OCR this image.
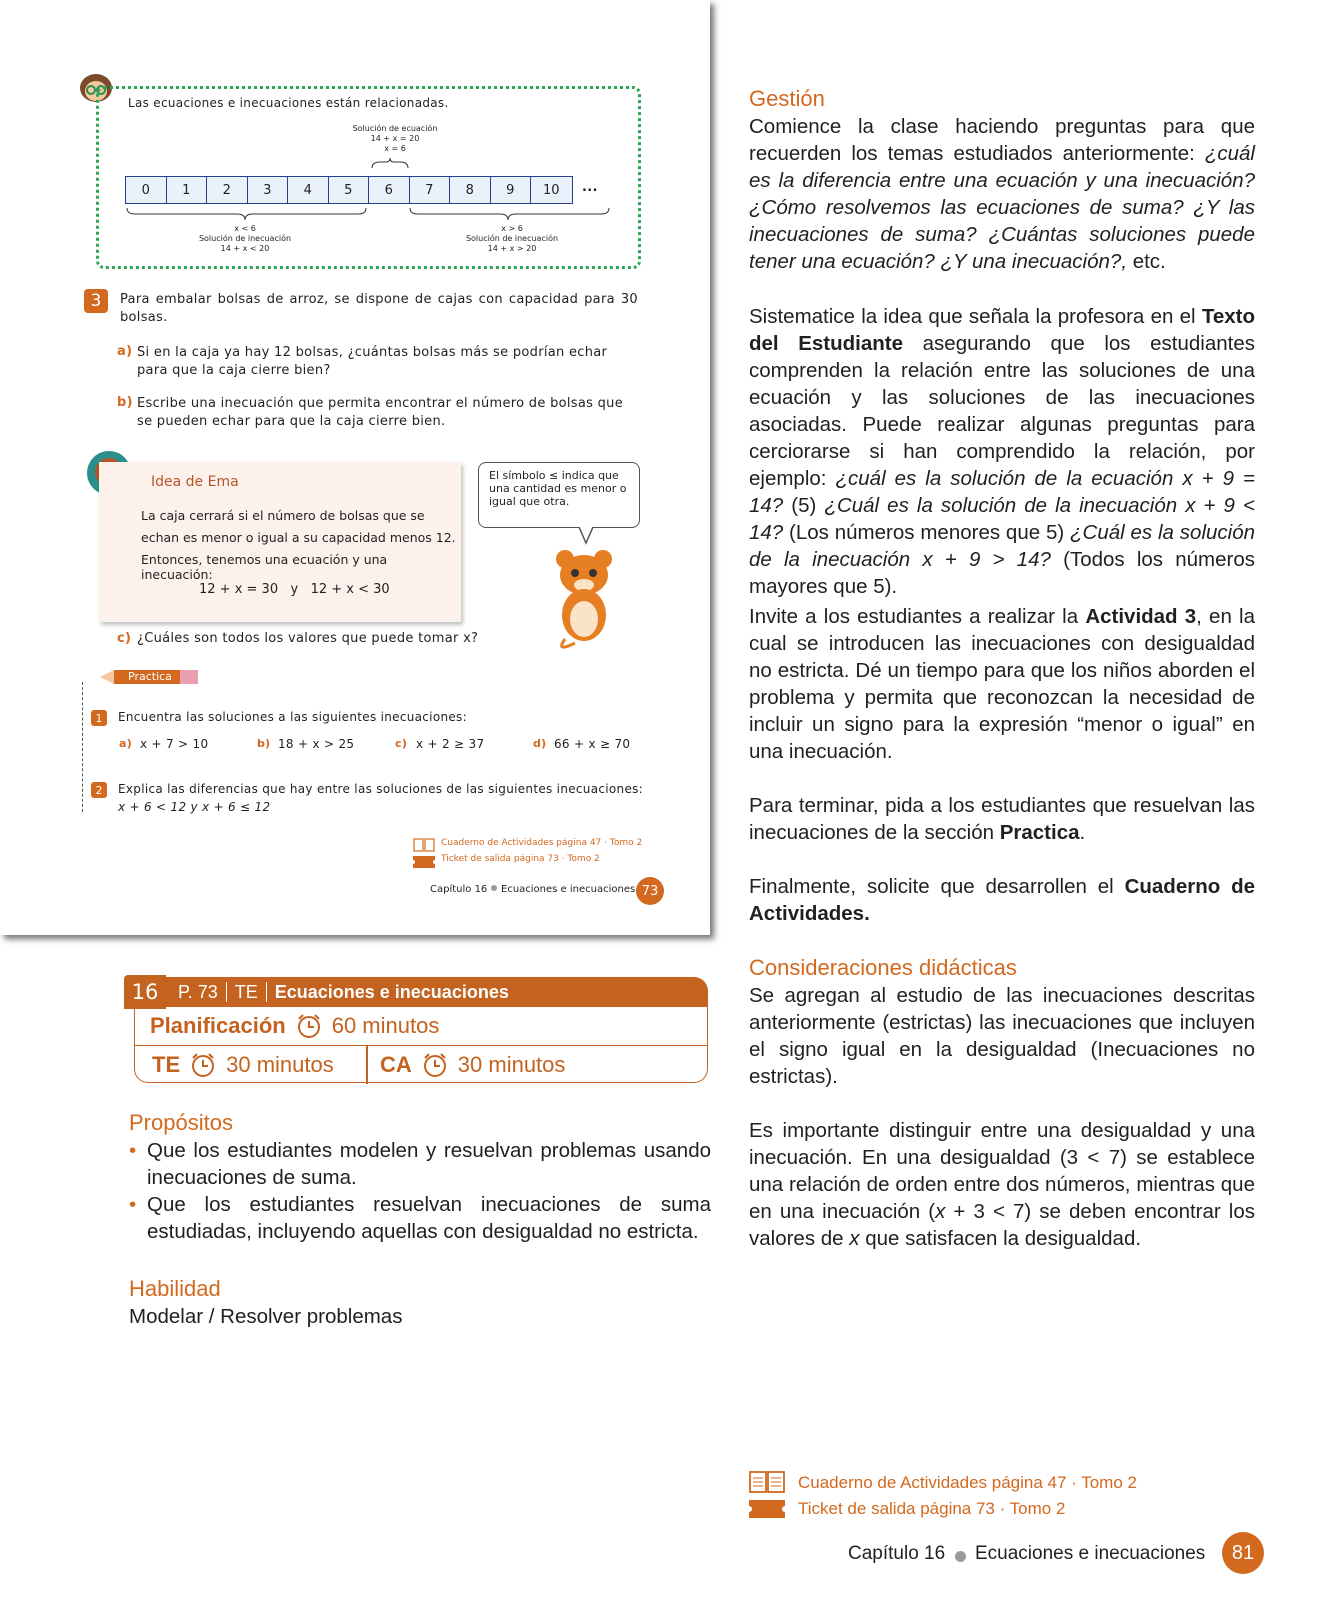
Las ecuaciones e inecuaciones están relacionadas.
Solución de ecuación
14 + x = 20
x = 6
0	1	2	3	4	5	6	7	8	9	10	...
x < 6
Solución de inecuación
14 + x < 20
x > 6
Solución de inecuación
14 + x > 20
3	Para embalar bolsas de arroz, se dispone de cajas con capacidad para 30 bolsas.
a) Si en la caja ya hay 12 bolsas, ¿cuántas bolsas más se podrían echar para que la caja cierre bien?
b) Escribe una inecuación que permita encontrar el número de bolsas que se pueden echar para que la caja cierre bien.
Idea de Ema
La caja cerrará si el número de bolsas que se
echan es menor o igual a su capacidad menos 12.
Entonces, tenemos una ecuación y una inecuación:
12 + x = 30   y   12 + x < 30
El símbolo ≤ indica que una cantidad es menor o igual que otra.
c) ¿Cuáles son todos los valores que puede tomar x?
Practica
1	Encuentra las soluciones a las siguientes inecuaciones:
a) x + 7 > 10	b) 18 + x > 25	c) x + 2 ≥ 37	d) 66 + x ≥ 70
2	Explica las diferencias que hay entre las soluciones de las siguientes inecuaciones:
x + 6 < 12 y x + 6 ≤ 12
Cuaderno de Actividades página 47 · Tomo 2
Ticket de salida página 73 · Tomo 2
Capítulo 16 Ecuaciones e inecuaciones 73
16	P. 73 TE Ecuaciones e inecuaciones
Planificación 60 minutos
TE 30 minutos CA 30 minutos
Propósitos
• Que los estudiantes modelen y resuelvan problemas usando inecuaciones de suma.
• Que los estudiantes resuelvan inecuaciones de suma estudiadas, incluyendo aquellas con desigualdad no estricta.
Habilidad
Modelar / Resolver problemas
Gestión
Comience la clase haciendo preguntas para que recuerden los temas estudiados anteriormente: ¿cuál es la diferencia entre una ecuación y una inecuación? ¿Cómo resolvemos las ecuaciones de suma? ¿Y las inecuaciones de suma? ¿Cuántas soluciones puede tener una ecuación? ¿Y una inecuación?, etc.
Sistematice la idea que señala la profesora en el Texto del Estudiante asegurando que los estudiantes comprenden la relación entre las soluciones de una ecuación y las soluciones de las inecuaciones asociadas. Puede realizar algunas preguntas para cerciorarse si han comprendido la relación, por ejemplo: ¿cuál es la solución de la ecuación x + 9 = 14? (5) ¿Cuál es la solución de la inecuación x + 9 < 14? (Los números menores que 5) ¿Cuál es la solución de la inecuación x + 9 > 14? (Todos los números mayores que 5).
Invite a los estudiantes a realizar la Actividad 3, en la cual se introducen las inecuaciones con desigualdad no estricta. Dé un tiempo para que los niños aborden el problema y permita que reconozcan la necesidad de incluir un signo para la expresión “menor o igual” en una inecuación.
Para terminar, pida a los estudiantes que resuelvan las inecuaciones de la sección Practica.
Finalmente, solicite que desarrollen el Cuaderno de Actividades.
Consideraciones didácticas
Se agregan al estudio de las inecuaciones descritas anteriormente (estrictas) las inecuaciones que incluyen el signo igual en la desigualdad (Inecuaciones no estrictas).
Es importante distinguir entre una desigualdad y una inecuación. En una desigualdad (3 < 7) se establece una relación de orden entre dos números, mientras que en una inecuación (x + 3 < 7) se deben encontrar los valores de x que satisfacen la desigualdad.
Cuaderno de Actividades página 47 · Tomo 2
Ticket de salida página 73 · Tomo 2
Capítulo 16 Ecuaciones e inecuaciones	81
